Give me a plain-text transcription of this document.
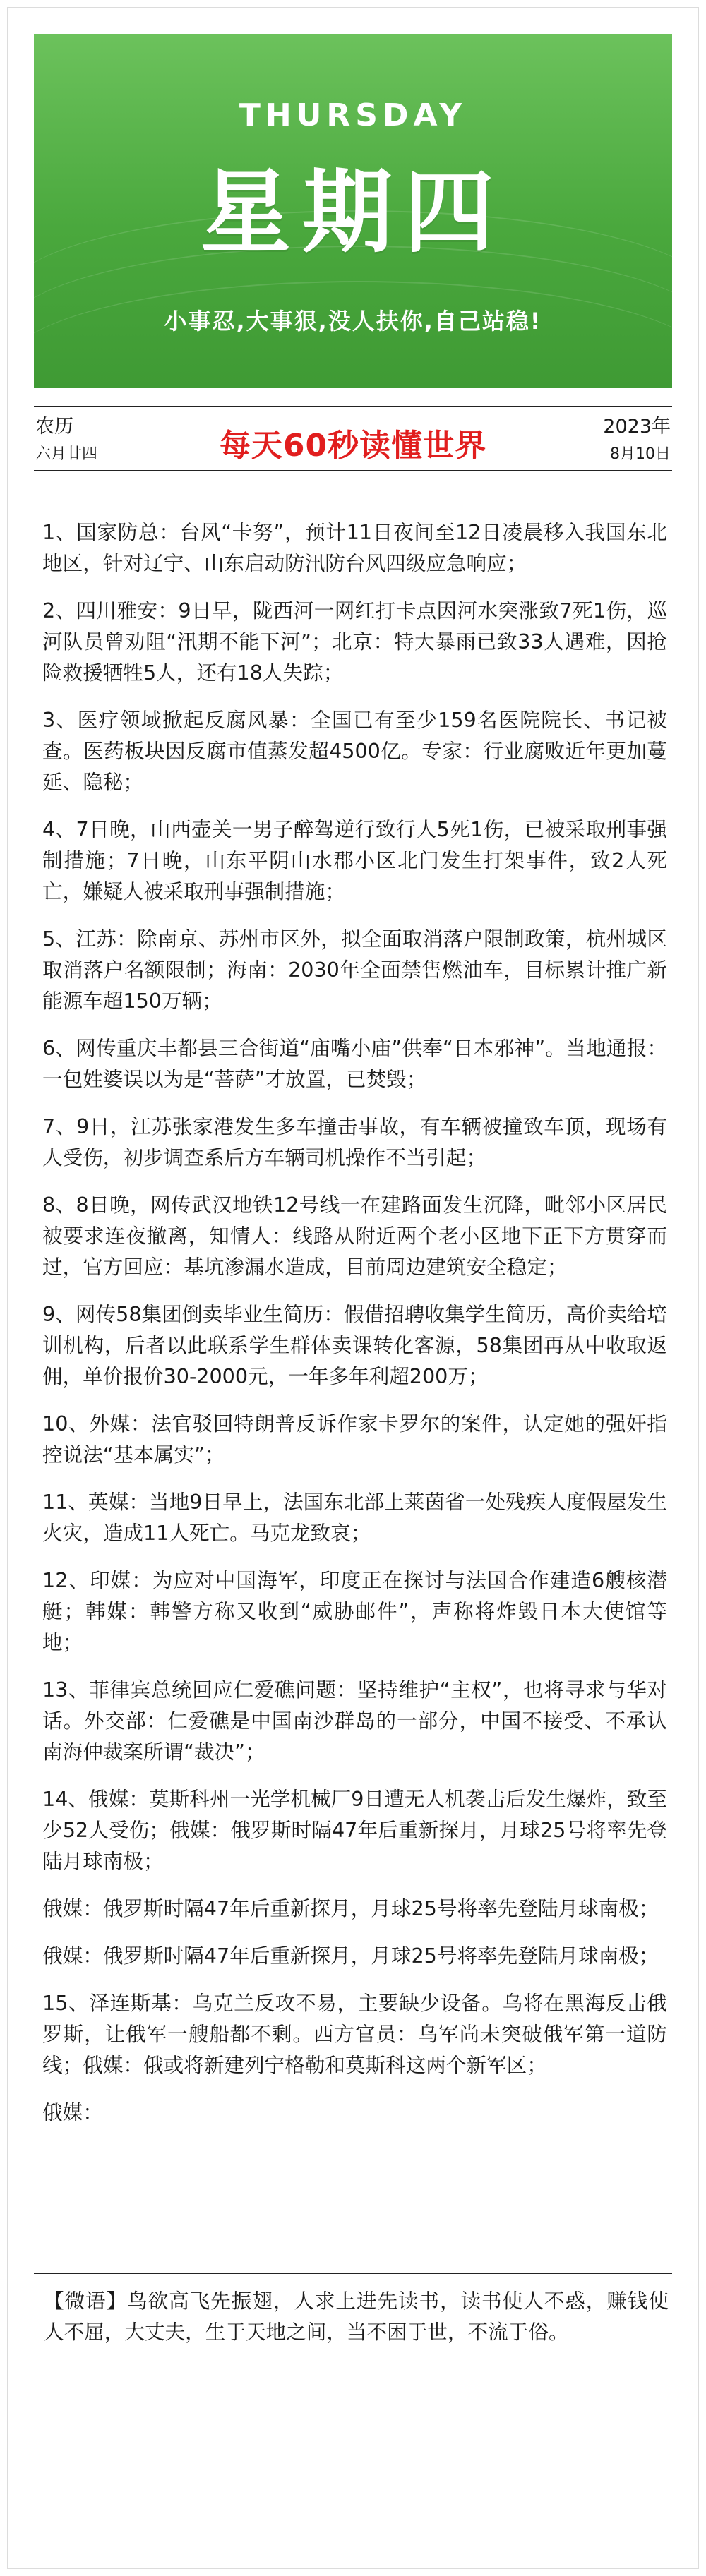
THURSDAY
星期四
小事忍,大事狠,没人扶你,自己站稳!
农历
六月廿四	每天60秒读懂世界
2023年
8月10日

1、国家防总：台风“卡努”，预计11日夜间至12日凌晨移入我国东北地区，针对辽宁、山东启动防汛防台风四级应急响应；

2、四川雅安：9日早，陇西河一网红打卡点因河水突涨致7死1伤，巡河队员曾劝阻“汛期不能下河”；北京：特大暴雨已致33人遇难，因抢险救援牺牲5人，还有18人失踪；

3、医疗领域掀起反腐风暴：全国已有至少159名医院院长、书记被查。医药板块因反腐市值蒸发超4500亿。专家：行业腐败近年更加蔓延、隐秘；

4、7日晚，山西壶关一男子醉驾逆行致行人5死1伤，已被采取刑事强制措施；7日晚，山东平阴山水郡小区北门发生打架事件，致2人死亡，嫌疑人被采取刑事强制措施；

5、江苏：除南京、苏州市区外，拟全面取消落户限制政策，杭州城区取消落户名额限制；海南：2030年全面禁售燃油车，目标累计推广新能源车超150万辆；

6、网传重庆丰都县三合街道“庙嘴小庙”供奉“日本邪神”。当地通报：一包姓婆误以为是“菩萨”才放置，已焚毁；

7、9日，江苏张家港发生多车撞击事故，有车辆被撞致车顶，现场有人受伤，初步调查系后方车辆司机操作不当引起；

8、8日晚，网传武汉地铁12号线一在建路面发生沉降，毗邻小区居民被要求连夜撤离，知情人：线路从附近两个老小区地下正下方贯穿而过，官方回应：基坑渗漏水造成，目前周边建筑安全稳定；

9、网传58集团倒卖毕业生简历：假借招聘收集学生简历，高价卖给培训机构，后者以此联系学生群体卖课转化客源，58集团再从中收取返佣，单价报价30-2000元，一年多年利超200万；

10、外媒：法官驳回特朗普反诉作家卡罗尔的案件，认定她的强奸指控说法“基本属实”；

11、英媒：当地9日早上，法国东北部上莱茵省一处残疾人度假屋发生火灾，造成11人死亡。马克龙致哀；

12、印媒：为应对中国海军，印度正在探讨与法国合作建造6艘核潜艇；韩媒：韩警方称又收到“威胁邮件”，声称将炸毁日本大使馆等地；

13、菲律宾总统回应仁爱礁问题：坚持维护“主权”，也将寻求与华对话。外交部：仁爱礁是中国南沙群岛的一部分，中国不接受、不承认南海仲裁案所谓“裁决”；

14、俄媒：莫斯科州一光学机械厂9日遭无人机袭击后发生爆炸，致至少52人受伤；俄媒：俄罗斯时隔47年后重新探月，月球25号将率先登陆月球南极；

俄媒：俄罗斯时隔47年后重新探月，月球25号将率先登陆月球南极；

俄媒：俄罗斯时隔47年后重新探月，月球25号将率先登陆月球南极；

15、泽连斯基：乌克兰反攻不易，主要缺少设备。乌将在黑海反击俄罗斯，让俄军一艘船都不剩。西方官员：乌军尚未突破俄军第一道防线；俄媒：俄或将新建列宁格勒和莫斯科这两个新军区；

俄媒：

【微语】鸟欲高飞先振翅，人求上进先读书，读书使人不惑，赚钱使人不屈，大丈夫，生于天地之间，当不困于世，不流于俗。
